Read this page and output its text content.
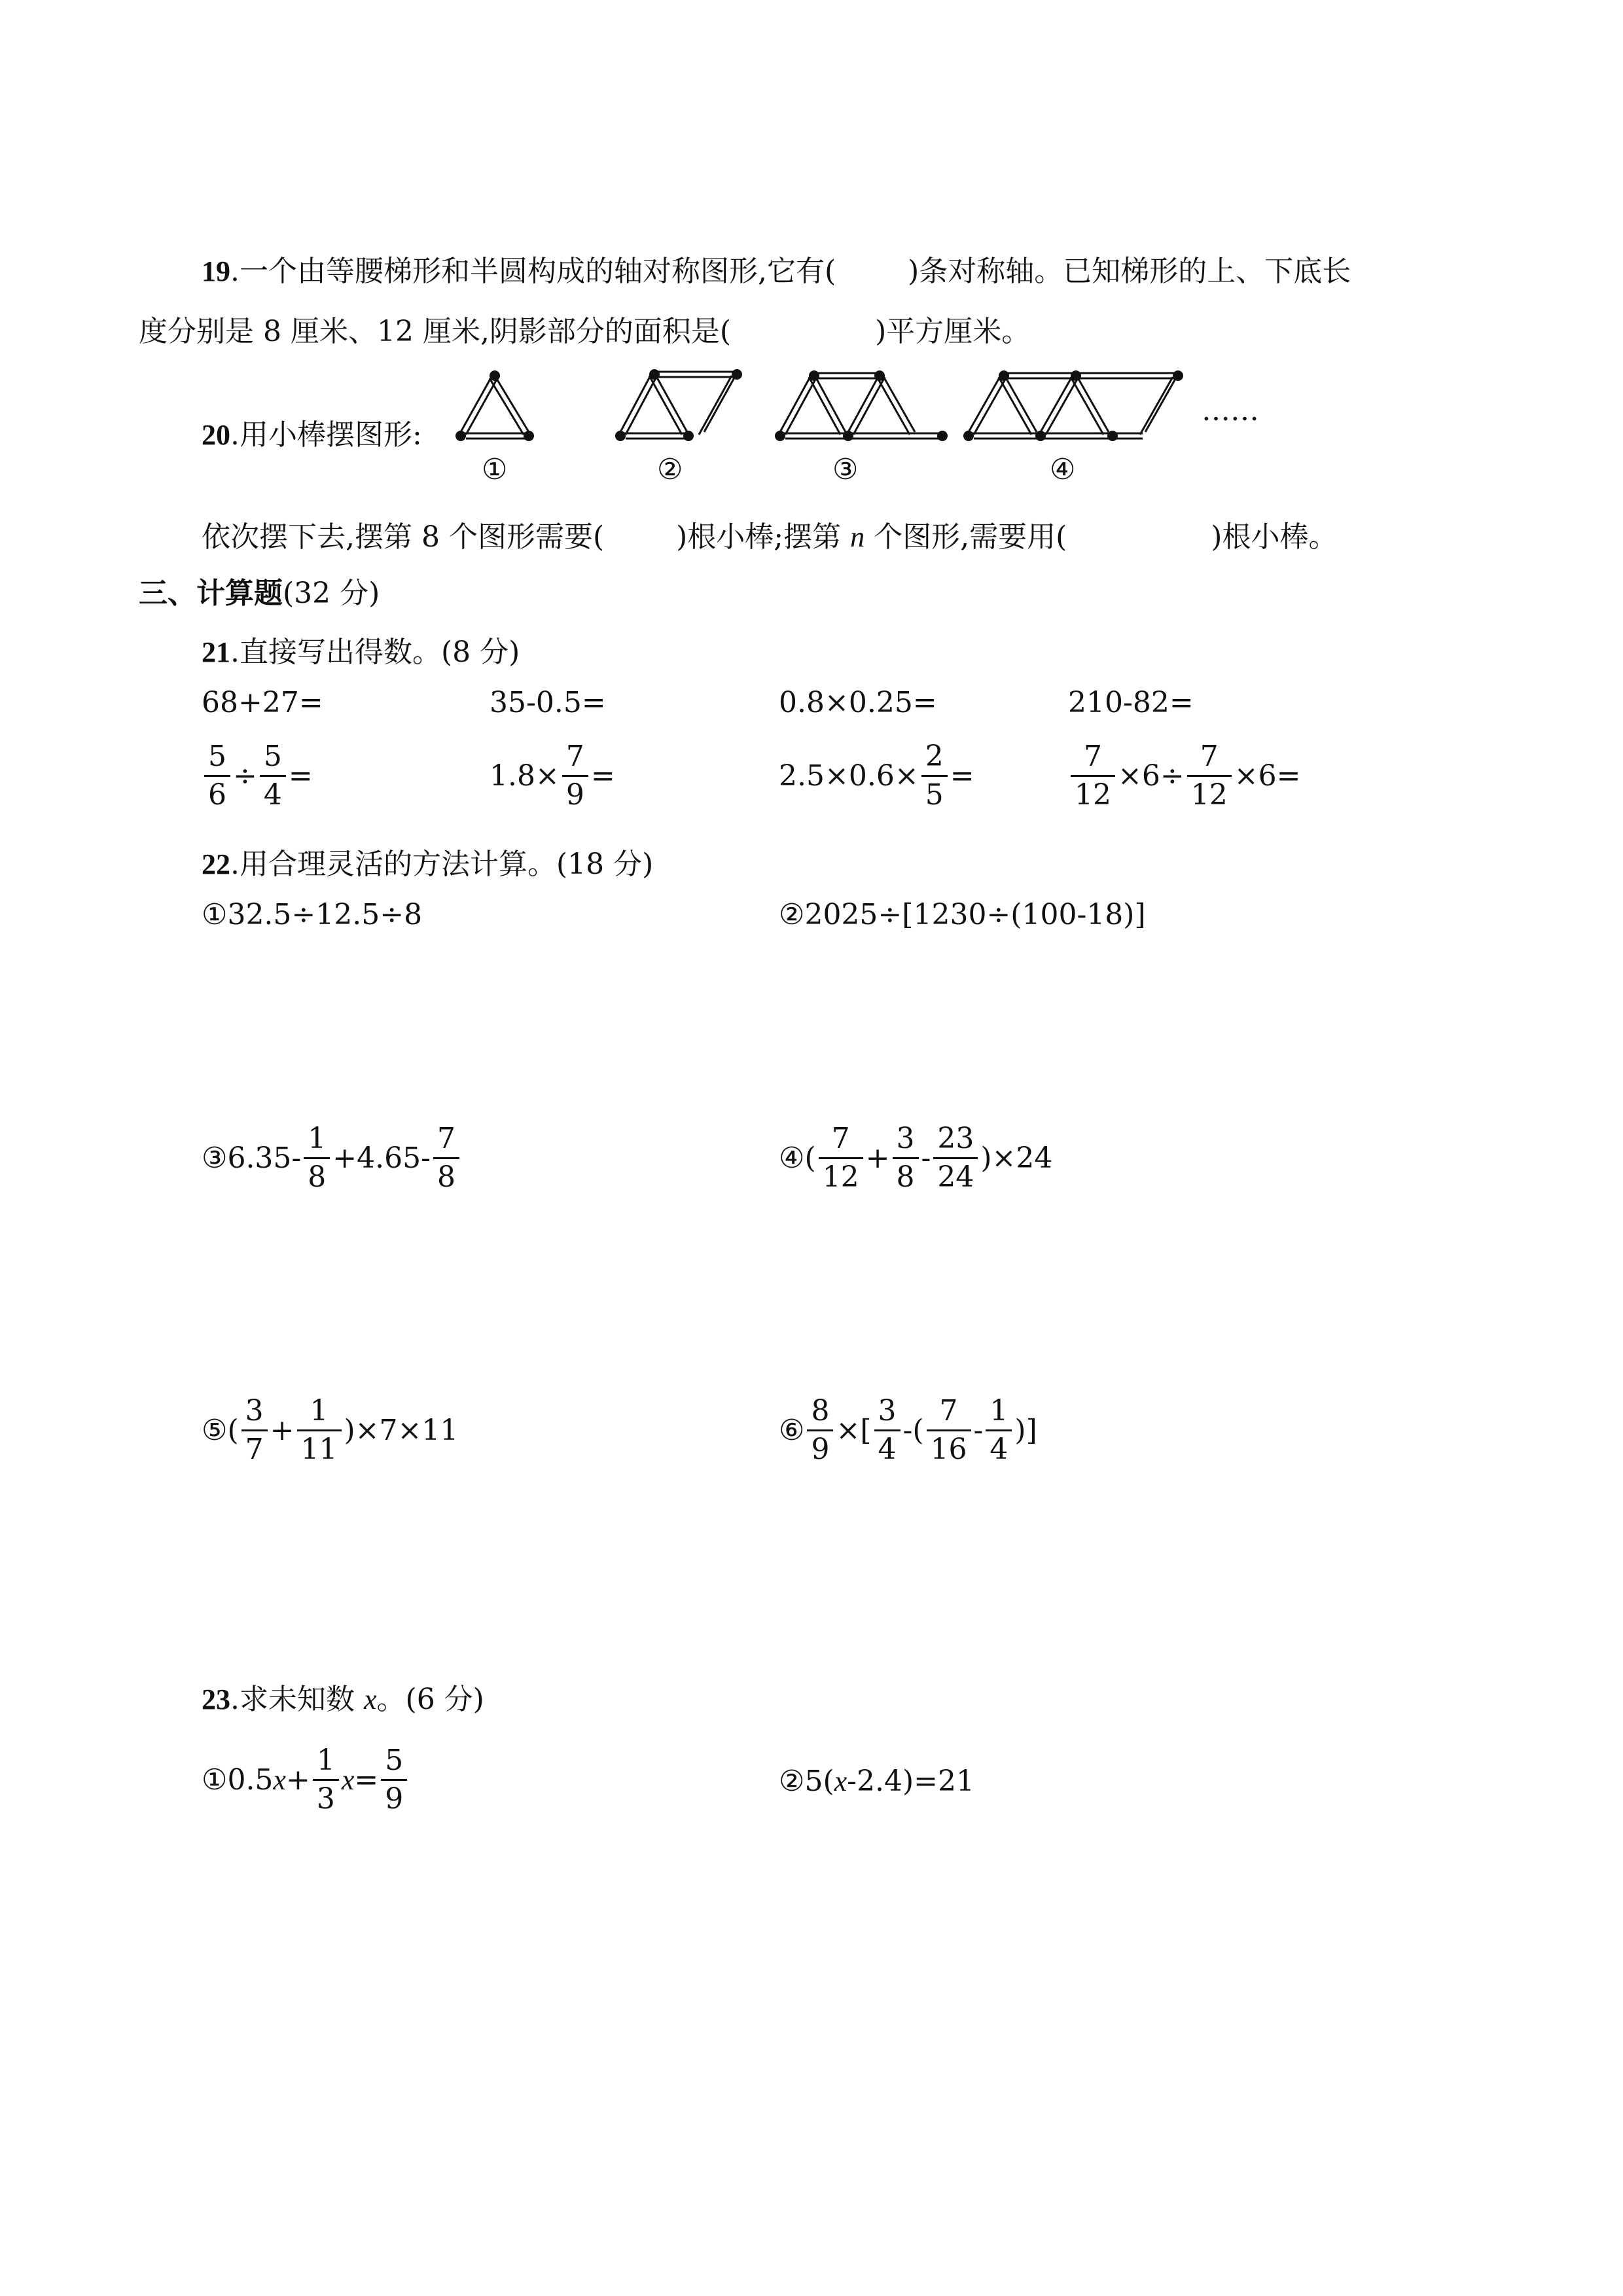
19.一个由等腰梯形和半圆构成的轴对称图形,它有(	)条对称轴。已知梯形的上、下底长
度分别是 8 厘米、12 厘米,阴影部分的面积是(	)平方厘米。
20.用小棒摆图形:
①	②	③	④
……
依次摆下去,摆第 8 个图形需要(	)根小棒;摆第 n 个图形,需要用(	)根小棒。
三、计算题(32 分)
21.直接写出得数。(8 分)
68+27=	35-0.5=	0.8×0.25=	210-82=
$\frac{5}{6} \div \frac{5}{4}$ =	$1.8\times \frac{7}{9}$ =	$2.5\times 0.6\times \frac{2}{5}$ =	$\frac{7}{12} \times 6\div \frac{7}{12} \times 6=$
22.用合理灵活的方法计算。(18 分)
①32.5÷12.5÷8	②2025÷[1230÷(100-18)]
③6.35- $\frac{1}{8} +4.65- \frac{7}{8}$	④( $\frac{7}{12} + \frac{3}{8} - \frac{23}{24} )\times 24$
⑤( $\frac{3}{7} + \frac{1}{11} )\times 7\times 11$	⑥ $\frac{8}{9}$ ×[ $\frac{3}{4}$ -( $\frac{7}{16} - \frac{1}{4}$ )]
23.求未知数 x。(6 分)
①0.5 $x + \frac{1}{3}$ $x = \frac{5}{9}$	②5(x-2.4)=21
